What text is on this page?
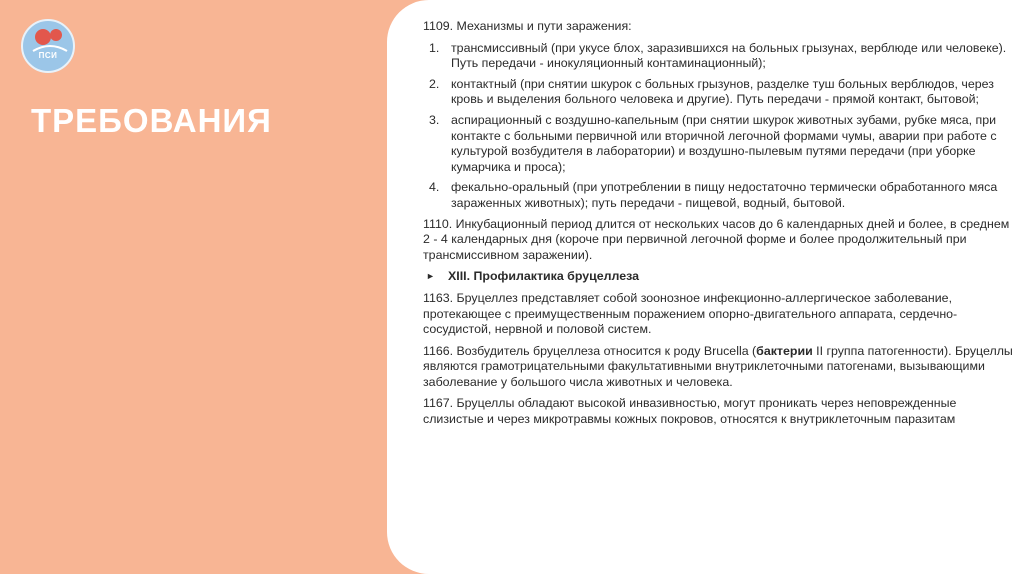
ПСИ
ТРЕБОВАНИЯ

1109. Механизмы и пути заражения:

1. трансмиссивный (при укусе блох, заразившихся на больных грызунах, верблюде или человеке). Путь передачи - инокуляционный контаминационный);
2. контактный (при снятии шкурок с больных грызунов, разделке туш больных верблюдов, через кровь и выделения больного человека и другие). Путь передачи - прямой контакт, бытовой;
3. аспирационный с воздушно-капельным (при снятии шкурок животных зубами, рубке мяса, при контакте с больными первичной или вторичной легочной формами чумы, аварии при работе с культурой возбудителя в лаборатории) и воздушно-пылевым путями передачи (при уборке кумарчика и проса);
4. фекально-оральный (при употреблении в пищу недостаточно термически обработанного мяса зараженных животных); путь передачи - пищевой, водный, бытовой.

1110. Инкубационный период длится от нескольких часов до 6 календарных дней и более, в среднем 2 - 4 календарных дня (короче при первичной легочной форме и более продолжительный при трансмиссивном заражении).

►	XIII. Профилактика бруцеллеза

1163. Бруцеллез представляет собой зоонозное инфекционно-аллергическое заболевание, протекающее с преимущественным поражением опорно-двигательного аппарата, сердечно-сосудистой, нервной и половой систем.

1166. Возбудитель бруцеллеза относится к роду Brucella (бактерии II группа патогенности). Бруцеллы являются грамотрицательными факультативными внутриклеточными патогенами, вызывающими заболевание у большого числа животных и человека.

1167. Бруцеллы обладают высокой инвазивностью, могут проникать через неповрежденные слизистые и через микротравмы кожных покровов, относятся к внутриклеточным паразитам
